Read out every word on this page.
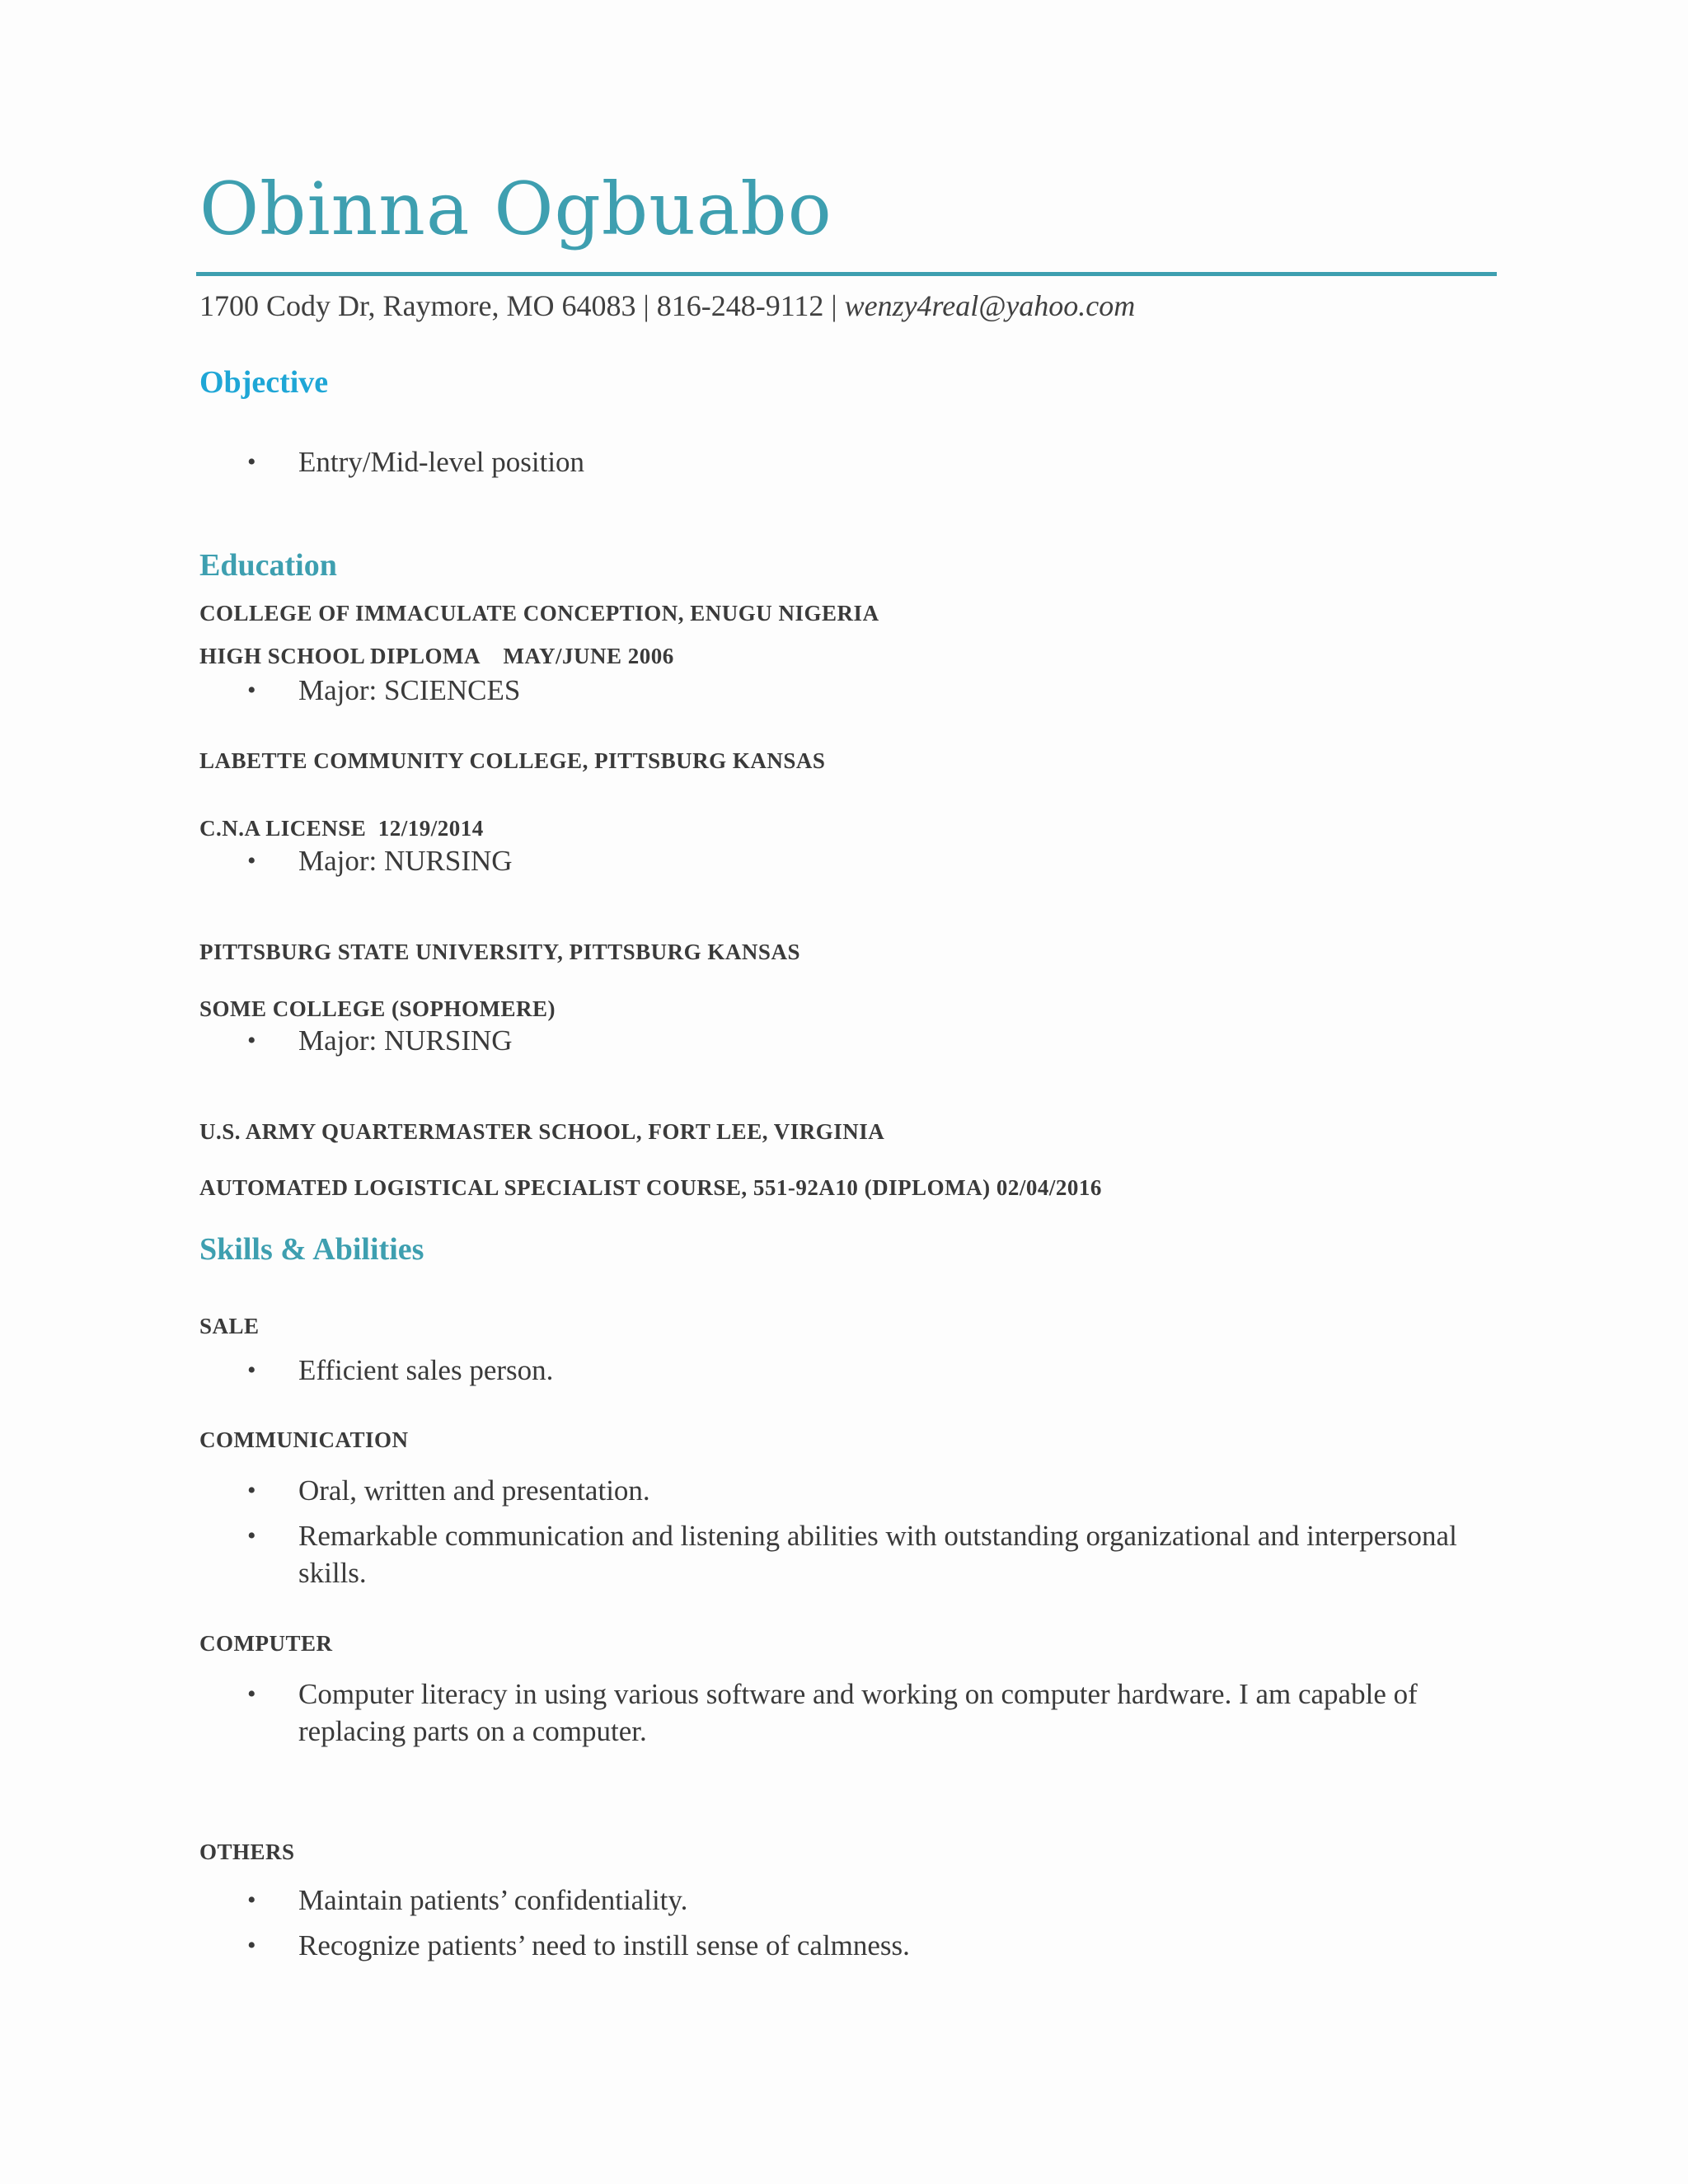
Obinna Ogbuabo
1700 Cody Dr, Raymore, MO 64083 | 816-248-9112 | wenzy4real@yahoo.com
Objective
•	Entry/Mid-level position
Education
COLLEGE OF IMMACULATE CONCEPTION, ENUGU NIGERIA
HIGH SCHOOL DIPLOMA    MAY/JUNE 2006
•	Major: SCIENCES
LABETTE COMMUNITY COLLEGE, PITTSBURG KANSAS
C.N.A LICENSE  12/19/2014
•	Major: NURSING
PITTSBURG STATE UNIVERSITY, PITTSBURG KANSAS
SOME COLLEGE (SOPHOMERE)
•	Major: NURSING
U.S. ARMY QUARTERMASTER SCHOOL, FORT LEE, VIRGINIA
AUTOMATED LOGISTICAL SPECIALIST COURSE, 551-92A10 (DIPLOMA) 02/04/2016
Skills & Abilities
SALE
•	Efficient sales person.
COMMUNICATION
•	Oral, written and presentation.
•	Remarkable communication and listening abilities with outstanding organizational and interpersonal skills.
COMPUTER
•	Computer literacy in using various software and working on computer hardware. I am capable of replacing parts on a computer.
OTHERS
•	Maintain patients’ confidentiality.
•	Recognize patients’ need to instill sense of calmness.
